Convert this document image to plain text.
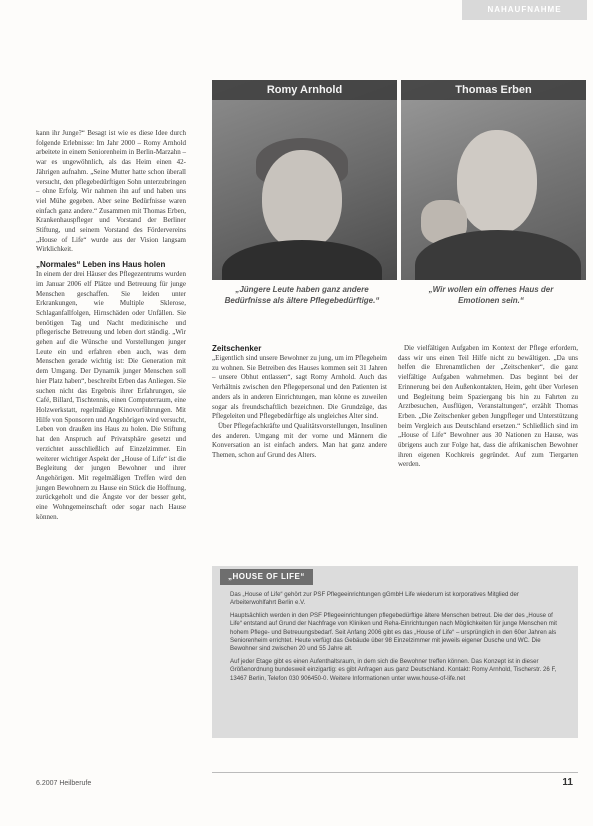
NAHAUFNAHME
Romy Arnhold	Thomas Erben
„Jüngere Leute haben ganz andere Bedürfnisse als ältere Pflegebedürftige.“
„Wir wollen ein offenes Haus der Emotionen sein.“

kann ihr Junge?“ Besagt ist wie es diese Idee durch folgende Erlebnisse: Im Jahr 2000 – Romy Arnhold arbeitete in einem Seniorenheim in Berlin-Marzahn – war es ungewöhnlich, als das Heim einen 42-Jährigen aufnahm. „Seine Mutter hatte schon überall versucht, den pflegebedürftigen Sohn unterzubringen – ohne Erfolg. Wir nahmen ihn auf und haben uns viel Mühe gegeben. Aber seine Bedürfnisse waren einfach ganz andere.“ Zusammen mit Thomas Erben, Krankenhauspfleger und Vorstand der Berliner Stiftung, und seinem Vorstand des Fördervereins „House of Life“ wurde aus der Vision langsam Wirklichkeit.

„Normales“ Leben ins Haus holen

In einem der drei Häuser des Pflegezentrums wurden im Januar 2006 elf Plätze und Betreuung für junge Menschen geschaffen. Sie leiden unter Erkrankungen, wie Multiple Sklerose, Schlaganfallfolgen, Hirnschäden oder Unfällen. Sie benötigen Tag und Nacht medizinische und pflegerische Betreuung und leben dort ständig. „Wir gehen auf die Wünsche und Vorstellungen junger Leute ein und erfahren eben auch, was dem Menschen gerade wichtig ist: Die Generation mit dem Umgang. Der Dynamik junger Menschen soll hier Platz haben“, beschreibt Erben das Anliegen. Sie suchen nicht das Ergebnis ihrer Erfahrungen, sie Café, Billard, Tischtennis, einen Computerraum, eine Holzwerkstatt, regelmäßige Kinovorführungen. Mit Hilfe von Sponsoren und Angehörigen wird versucht, Leben von draußen ins Haus zu holen. Die Stiftung hat den Anspruch auf Privatsphäre gesetzt und verzichtet ausschließlich auf Einzelzimmer. Ein weiterer wichtiger Aspekt der „House of Life“ ist die Begleitung der jungen Bewohner und ihrer Angehörigen. Mit regelmäßigen Treffen wird den jungen Bewohnern zu Hause ein Stück die Hoffnung, zurückgeholt und die Ängste vor der besser geht, eine Wohngemeinschaft oder sogar nach Hause können.

Zeitschenker

„Eigentlich sind unsere Bewohner zu jung, um im Pflegeheim zu wohnen. Sie Betreiben des Hauses kommen seit 31 Jahren – unsere Obhut entlassen“, sagt Romy Arnhold. Auch das Verhältnis zwischen den Pflegepersonal und den Patienten ist anders als in anderen Einrichtungen, man könne es zuweilen sogar als freundschaftlich bezeichnen. Die Grundzüge, das Pflegeleiten und Pflegebedürftige als ungleiches Alter sind.

Über Pflegefachkräfte und Qualitätsvorstellungen, Insulinen des anderen. Umgang mit der vorne und Männern die Konversation an ist einfach anders. Man hat ganz andere Themen, schon auf Grund des Alters.

Die vielfältigen Aufgaben im Kontext der Pflege erfordern, dass wir uns einen Teil Hilfe nicht zu bewältigen. „Da uns helfen die Ehrenamtlichen der „Zeitschenker“, die ganz vielfältige Aufgaben wahrnehmen. Das beginnt bei der Erinnerung bei den Außenkontakten, Heim, geht über Vorlesen und Begleitung beim Spaziergang bis hin zu Fahrten zu Arztbesuchen, Ausflügen, Veranstaltungen“, erzählt Thomas Erben. „Die Zeitschenker geben Jungpfleger und Unterstützung beim Vergleich aus Deutschland ersetzen.“ Schließlich sind im „House of Life“ Bewohner aus 30 Nationen zu Hause, was übrigens auch zur Folge hat, dass die afrikanischen Bewohner ihren eigenen Kochkreis gegründet. Auf zum Tiergarten werden.

„HOUSE OF LIFE“

Das „House of Life“ gehört zur PSF Pflegeeinrichtungen gGmbH Life wiederum ist korporatives Mitglied der Arbeiterwohlfahrt Berlin e.V.

Hauptsächlich werden in den PSF Pflegeeinrichtungen pflegebedürftige ältere Menschen betreut. Die der des „House of Life“ entstand auf Grund der Nachfrage von Kliniken und Reha-Einrichtungen nach Möglichkeiten für junge Menschen mit hohem Pflege- und Betreuungsbedarf. Seit Anfang 2006 gibt es das „House of Life“ – ursprünglich in den 60er Jahren als Seniorenheim errichtet. Heute verfügt das Gebäude über 98 Einzelzimmer mit jeweils eigener Dusche und WC. Die Bewohner sind zwischen 20 und 55 Jahre alt.

Auf jeder Etage gibt es einen Aufenthaltsraum, in dem sich die Bewohner treffen können. Das Konzept ist in dieser Größenordnung bundesweit einzigartig: es gibt Anfragen aus ganz Deutschland. Kontakt: Romy Arnhold, Tischerstr. 26 F, 13467 Berlin, Telefon 030 906450-0. Weitere Informationen unter www.house-of-life.net

6.2007 Heilberufe	11
